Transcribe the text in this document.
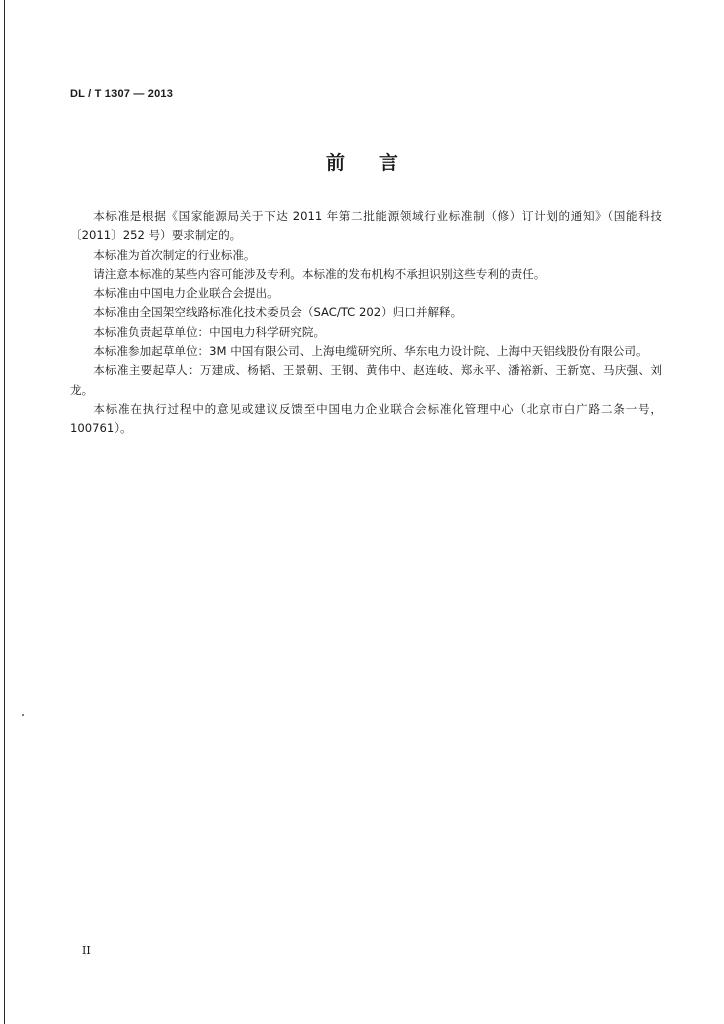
DL / T 1307 — 2013
前言

本标准是根据《国家能源局关于下达 2011 年第二批能源领域行业标准制（修）订计划的通知》（国能科技〔2011〕252 号）要求制定的。

本标准为首次制定的行业标准。

请注意本标准的某些内容可能涉及专利。本标准的发布机构不承担识别这些专利的责任。

本标准由中国电力企业联合会提出。

本标准由全国架空线路标准化技术委员会（SAC/TC 202）归口并解释。

本标准负责起草单位：中国电力科学研究院。

本标准参加起草单位：3M 中国有限公司、上海电缆研究所、华东电力设计院、上海中天铝线股份有限公司。

本标准主要起草人：万建成、杨韬、王景朝、王钢、黄伟中、赵连岐、郑永平、潘裕新、王新宽、马庆强、刘龙。

本标准在执行过程中的意见或建议反馈至中国电力企业联合会标准化管理中心（北京市白广路二条一号，100761）。

II
